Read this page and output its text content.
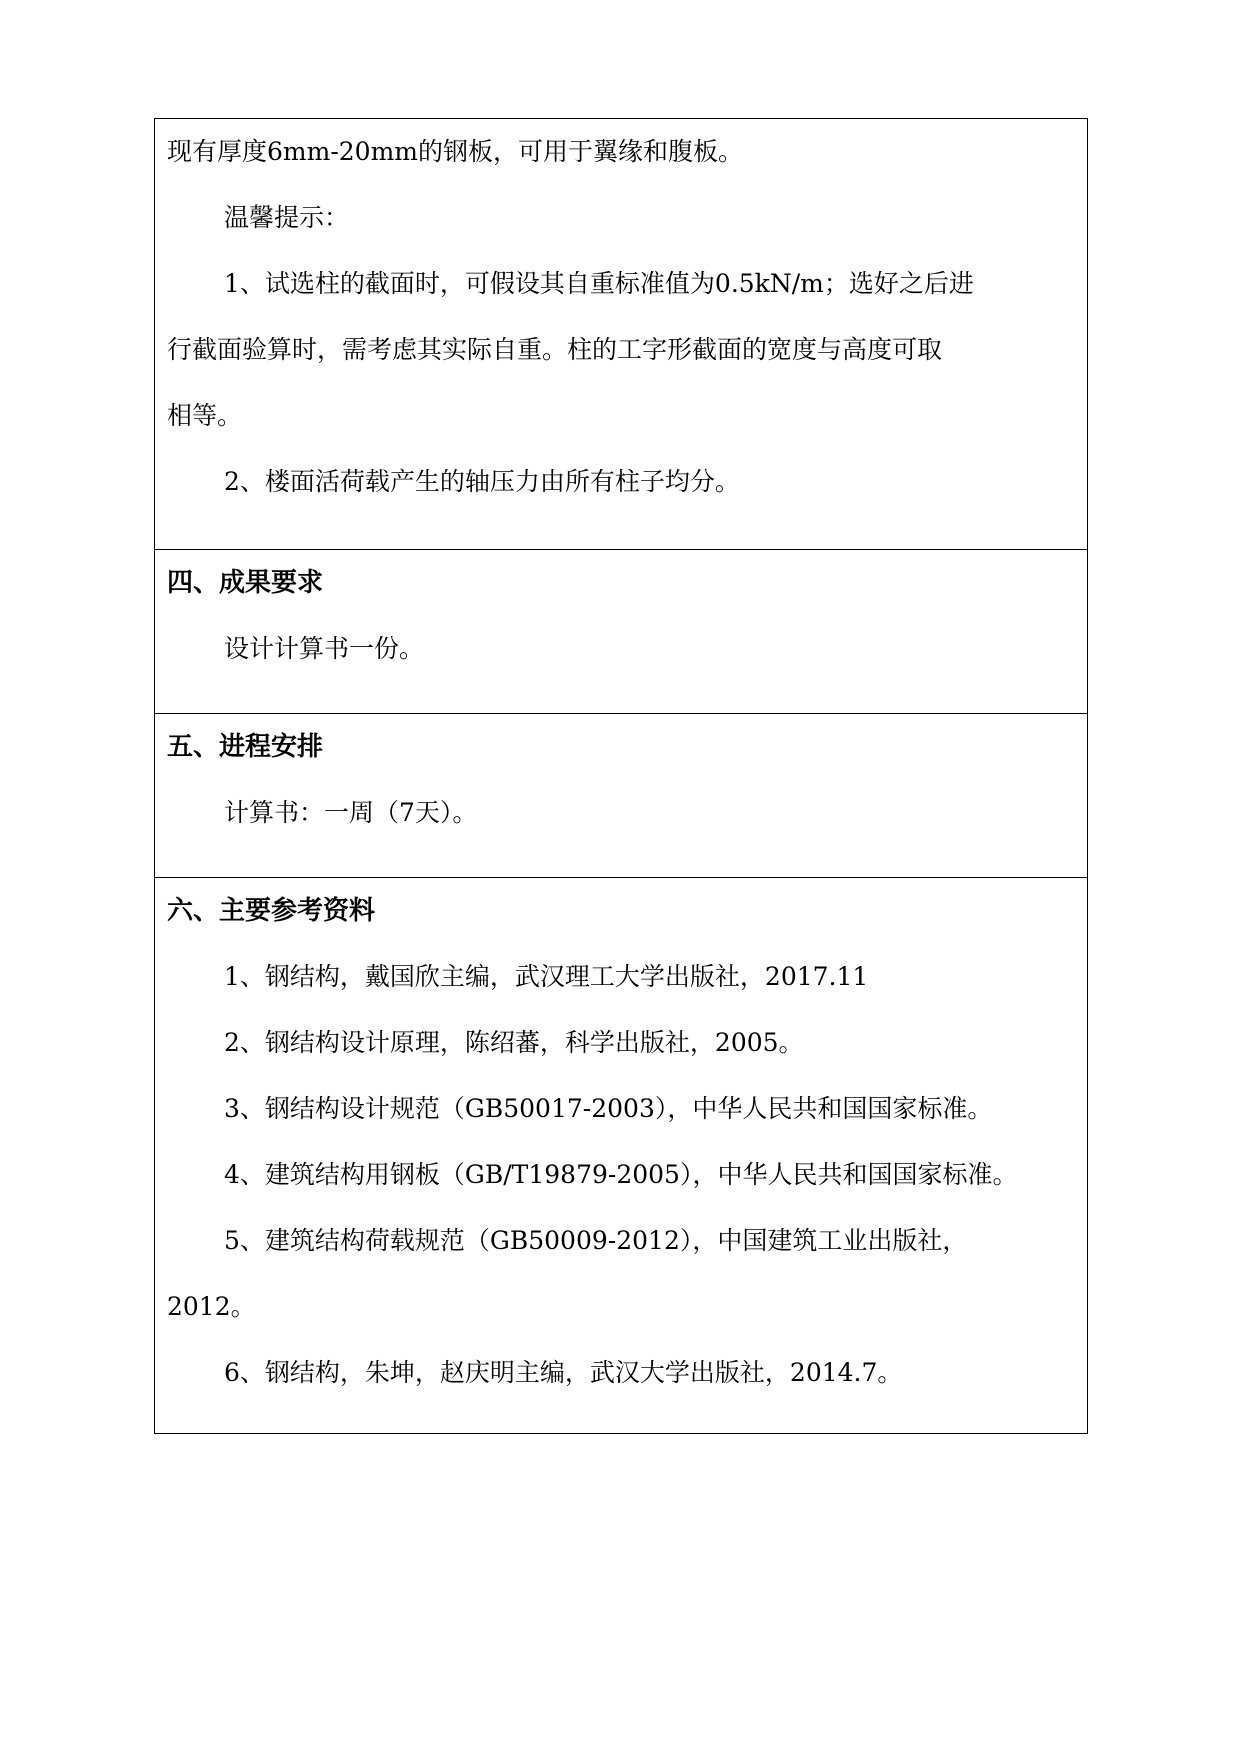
现有厚度6mm-20mm的钢板，可用于翼缘和腹板。

温馨提示：

1、试选柱的截面时，可假设其自重标准值为0.5kN/m；选好之后进

行截面验算时，需考虑其实际自重。柱的工字形截面的宽度与高度可取

相等。

2、楼面活荷载产生的轴压力由所有柱子均分。

四、成果要求

设计计算书一份。

五、进程安排

计算书：一周（7天）。

六、主要参考资料

1、钢结构，戴国欣主编，武汉理工大学出版社，2017.11

2、钢结构设计原理，陈绍蕃，科学出版社，2005。

3、钢结构设计规范（GB50017-2003），中华人民共和国国家标准。

4、建筑结构用钢板（GB/T19879-2005），中华人民共和国国家标准。

5、建筑结构荷载规范（GB50009-2012），中国建筑工业出版社，

2012。

6、钢结构，朱坤，赵庆明主编，武汉大学出版社，2014.7。
